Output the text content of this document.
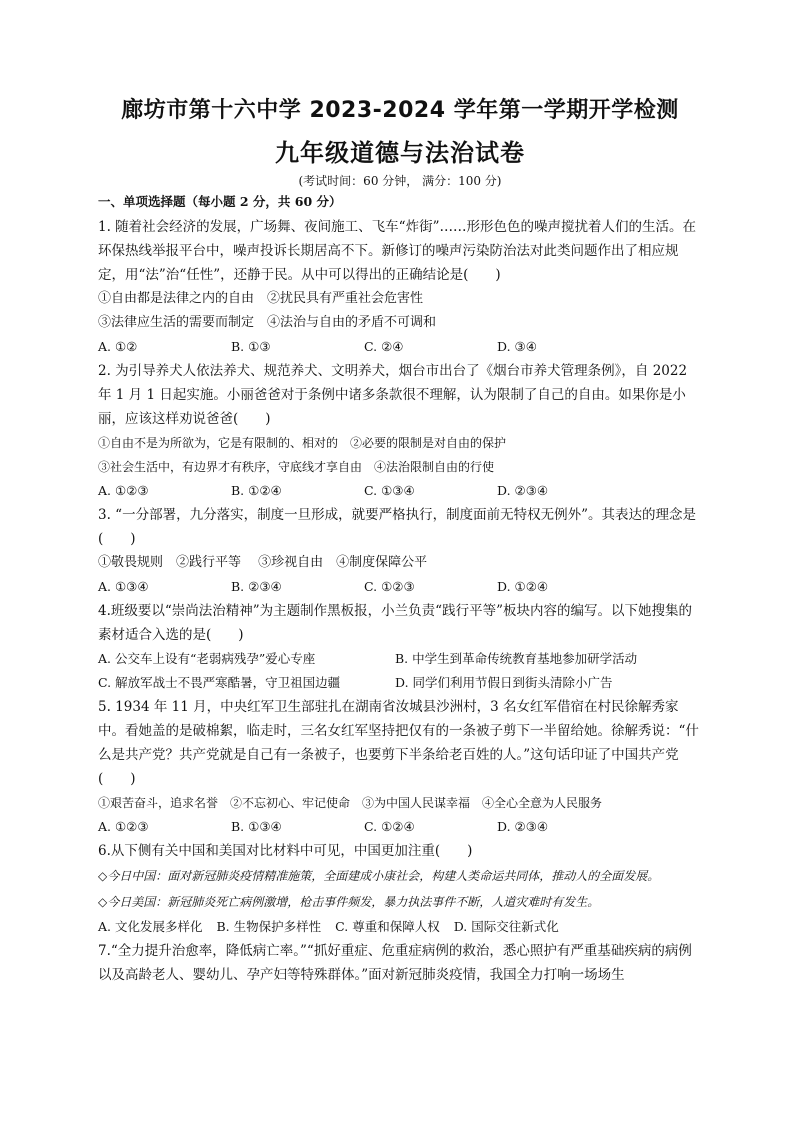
廊坊市第十六中学 2023-2024 学年第一学期开学检测
九年级道德与法治试卷
(考试时间：60 分钟， 满分：100 分)
一、单项选择题（每小题 2 分，共 60 分）

1. 随着社会经济的发展，广场舞、夜间施工、飞车“炸街”……形形色色的噪声搅扰着人们的生活。在环保热线举报平台中，噪声投诉长期居高不下。新修订的噪声污染防治法对此类问题作出了相应规定，用“法”治“任性”，还静于民。从中可以得出的正确结论是(　　)

①自由都是法律之内的自由　②扰民具有严重社会危害性

③法律应生活的需要而制定　④法治与自由的矛盾不可调和

A. ①②	B. ①③	C. ②④	D. ③④

2. 为引导养犬人依法养犬、规范养犬、文明养犬，烟台市出台了《烟台市养犬管理条例》，自 2022 年 1 月 1 日起实施。小丽爸爸对于条例中诸多条款很不理解，认为限制了自己的自由。如果你是小丽，应该这样劝说爸爸(　　)

①自由不是为所欲为，它是有限制的、相对的　②必要的限制是对自由的保护

③社会生活中，有边界才有秩序，守底线才享自由　④法治限制自由的行使

A. ①②③	B. ①②④	C. ①③④	D. ②③④

3. “一分部署，九分落实，制度一旦形成，就要严格执行，制度面前无特权无例外”。其表达的理念是(　　)

①敬畏规则　②践行平等　 ③珍视自由　④制度保障公平

A. ①③④	B. ②③④	C. ①②③	D. ①②④

4.班级要以“崇尚法治精神”为主题制作黑板报，小兰负责“践行平等”板块内容的编写。以下她搜集的素材适合入选的是(　　)

A. 公交车上设有“老弱病残孕”爱心专座	B. 中学生到革命传统教育基地参加研学活动
C. 解放军战士不畏严寒酷暑，守卫祖国边疆	D. 同学们利用节假日到街头清除小广告

5. 1934 年 11 月，中央红军卫生部驻扎在湖南省汝城县沙洲村，3 名女红军借宿在村民徐解秀家中。看她盖的是破棉絮，临走时，三名女红军坚持把仅有的一条被子剪下一半留给她。徐解秀说：“什么是共产党？共产党就是自己有一条被子，也要剪下半条给老百姓的人。”这句话印证了中国共产党(　　)

①艰苦奋斗，追求名誉　②不忘初心、牢记使命　③为中国人民谋幸福　④全心全意为人民服务

A. ①②③	B. ①③④	C. ①②④	D. ②③④

6.从下侧有关中国和美国对比材料中可见，中国更加注重(　　)

◇今日中国：面对新冠肺炎疫情精准施策，全面建成小康社会，构建人类命运共同体，推动人的全面发展。

◇今日美国：新冠肺炎死亡病例激增，枪击事件频发，暴力执法事件不断，人道灾难时有发生。

A. 文化发展多样化 B. 生物保护多样性 C. 尊重和保障人权 D. 国际交往新式化

7.“全力提升治愈率，降低病亡率。”“抓好重症、危重症病例的救治，悉心照护有严重基础疾病的病例以及高龄老人、婴幼儿、孕产妇等特殊群体。”面对新冠肺炎疫情，我国全力打响一场场生
